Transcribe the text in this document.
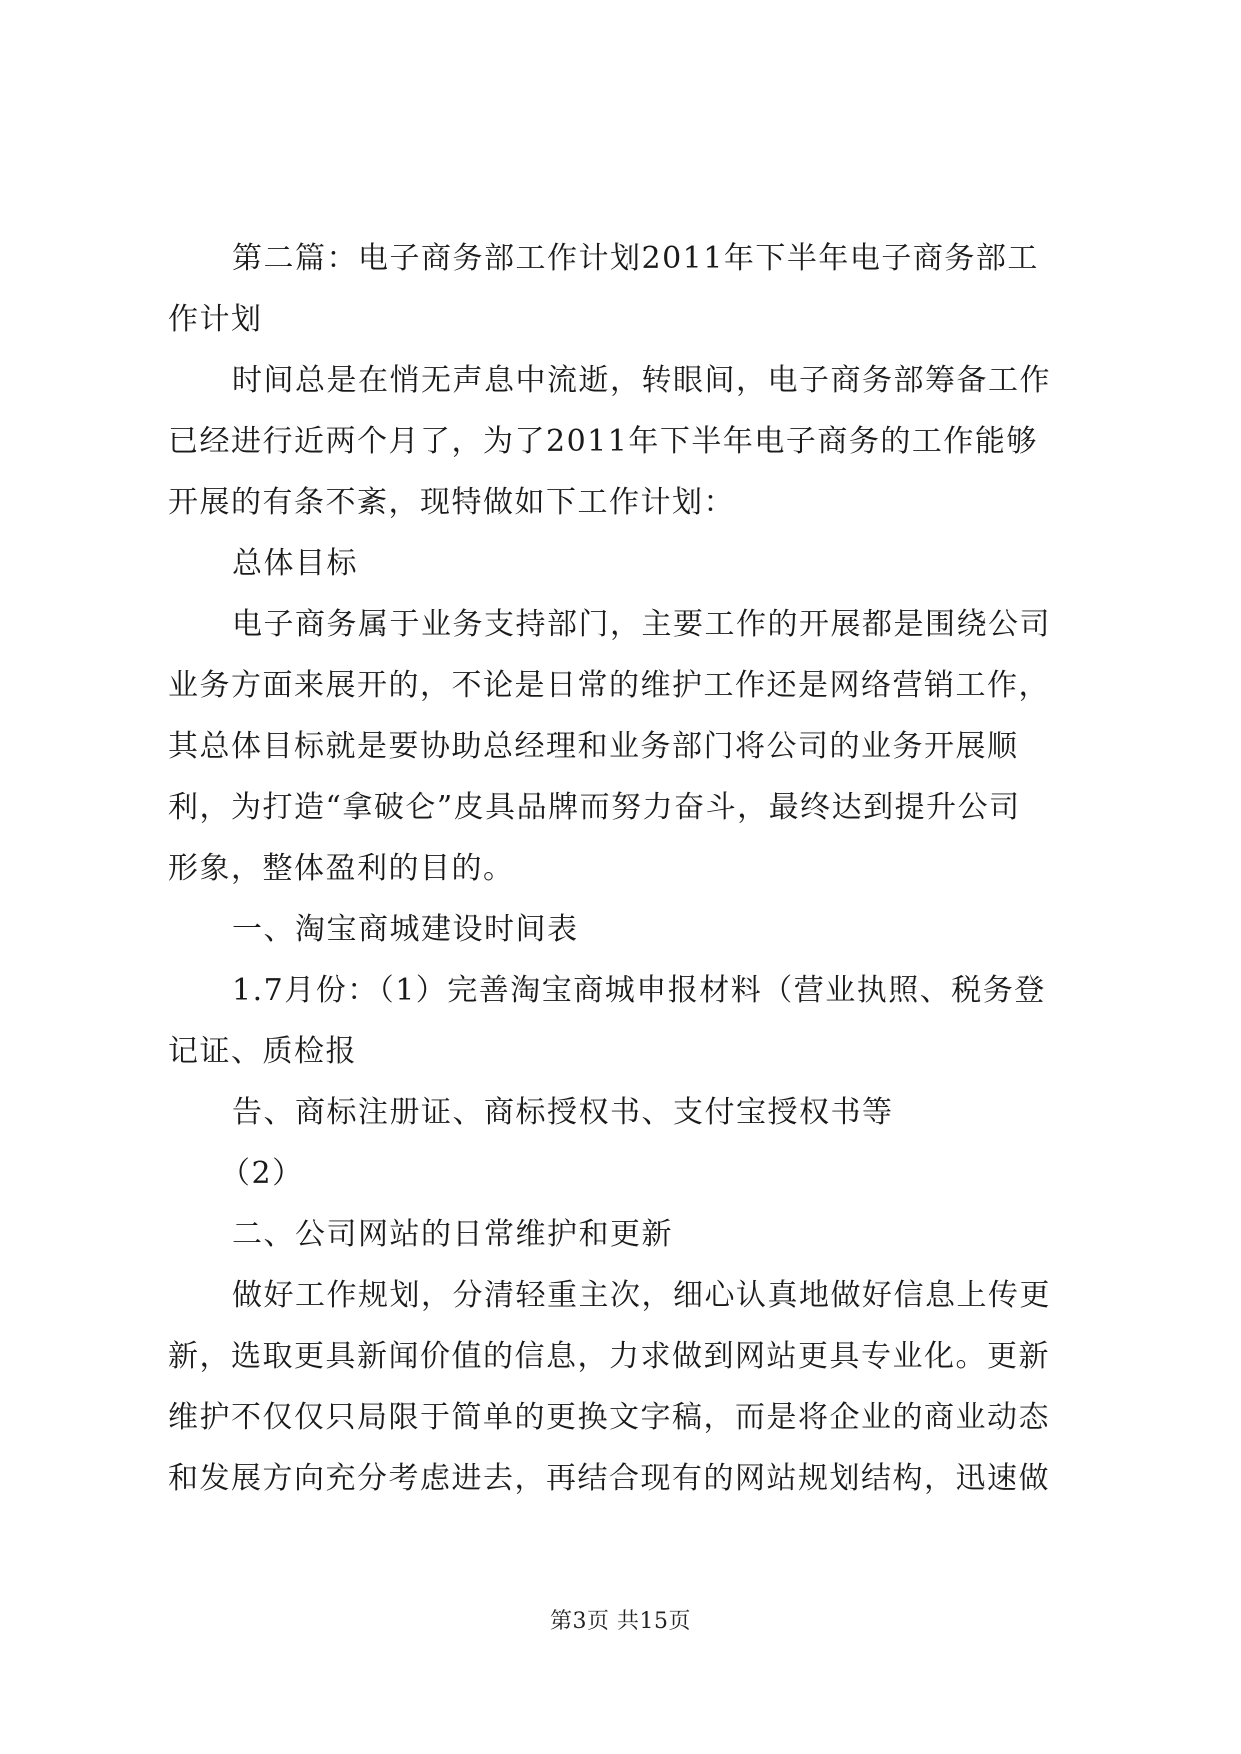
第二篇：电子商务部工作计划2011年下半年电子商务部工
作计划
时间总是在悄无声息中流逝，转眼间，电子商务部筹备工作
已经进行近两个月了，为了2011年下半年电子商务的工作能够
开展的有条不紊，现特做如下工作计划：
总体目标
电子商务属于业务支持部门，主要工作的开展都是围绕公司
业务方面来展开的，不论是日常的维护工作还是网络营销工作，
其总体目标就是要协助总经理和业务部门将公司的业务开展顺
利，为打造“拿破仑”皮具品牌而努力奋斗，最终达到提升公司
形象，整体盈利的目的。
一、淘宝商城建设时间表
1.7月份：（1）完善淘宝商城申报材料（营业执照、税务登
记证、质检报
告、商标注册证、商标授权书、支付宝授权书等
（2）
二、公司网站的日常维护和更新
做好工作规划，分清轻重主次，细心认真地做好信息上传更
新，选取更具新闻价值的信息，力求做到网站更具专业化。更新
维护不仅仅只局限于简单的更换文字稿，而是将企业的商业动态
和发展方向充分考虑进去，再结合现有的网站规划结构，迅速做
第3页 共15页
